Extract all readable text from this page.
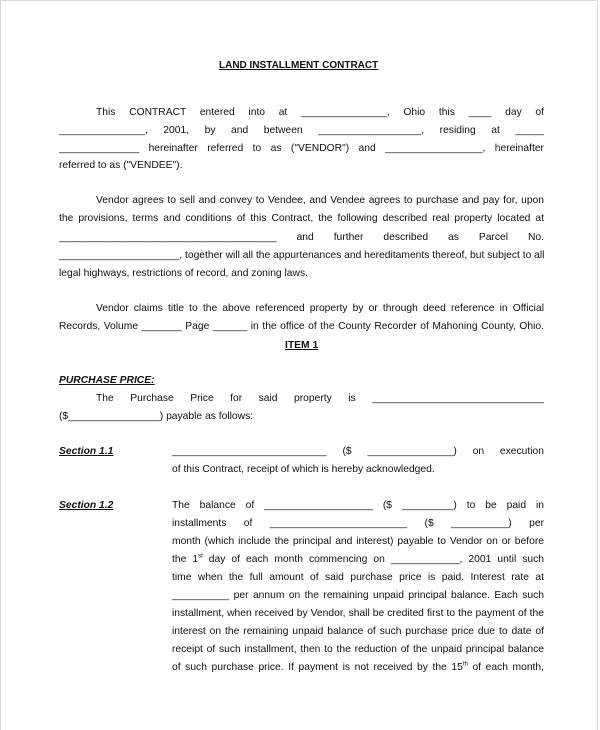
LAND INSTALLMENT CONTRACT
This CONTRACT entered into at _______________, Ohio this ____ day of
_______________, 2001, by and between __________________, residing at _____
______________ hereinafter referred to as ("VENDOR") and _________________, hereinafter
referred to as ("VENDEE").
Vendor agrees to sell and convey to Vendee, and Vendee agrees to purchase and pay for, upon
the provisions, terms and conditions of this Contract, the following described real property located at
______________________________________ and further described as Parcel No.
_____________________, together will all the appurtenances and hereditaments thereof, but subject to all
legal highways, restrictions of record, and zoning laws.
Vendor claims title to the above referenced property by or through deed reference in Official
Records, Volume _______ Page ______ in the office of the County Recorder of Mahoning County, Ohio.
ITEM 1
PURCHASE PRICE:
The Purchase Price for said property is ______________________________
($________________) payable as follows:
Section 1.1	___________________________ ($ _______________) on execution
of this Contract, receipt of which is hereby acknowledged.
Section 1.2	The balance of ___________________ ($ _________) to be paid in
installments of ________________________ ($ __________) per
month (which include the principal and interest) payable to Vendor on or before
the 1st day of each month commencing on ____________, 2001 until such
time when the full amount of said purchase price is paid. Interest rate at
__________ per annum on the remaining unpaid principal balance. Each such
installment, when received by Vendor, shall be credited first to the payment of the
interest on the remaining unpaid balance of such purchase price due to date of
receipt of such installment, then to the reduction of the unpaid principal balance
of such purchase price. If payment is not received by the 15th of each month,
